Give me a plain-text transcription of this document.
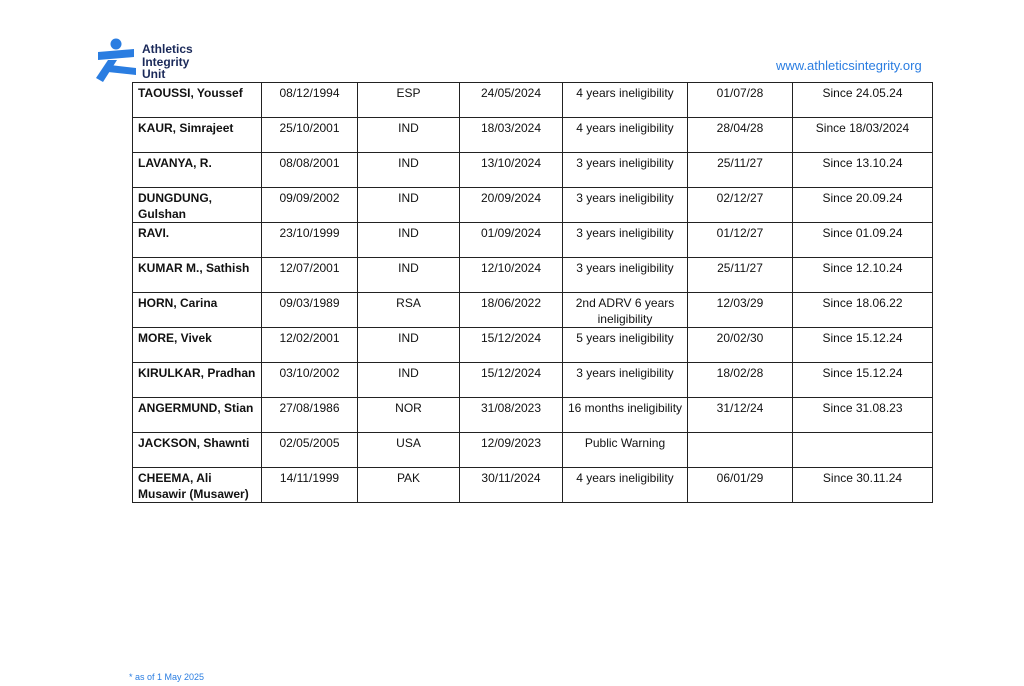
Athletics
Integrity
Unit
www.athleticsintegrity.org
TAOUSSI, Youssef	08/12/1994	ESP	24/05/2024	4 years ineligibility	01/07/28	Since 24.05.24
KAUR, Simrajeet	25/10/2001	IND	18/03/2024	4 years ineligibility	28/04/28	Since 18/03/2024
LAVANYA, R.	08/08/2001	IND	13/10/2024	3 years ineligibility	25/11/27	Since 13.10.24
DUNGDUNG, Gulshan	09/09/2002	IND	20/09/2024	3 years ineligibility	02/12/27	Since 20.09.24
RAVI.	23/10/1999	IND	01/09/2024	3 years ineligibility	01/12/27	Since 01.09.24
KUMAR M., Sathish	12/07/2001	IND	12/10/2024	3 years ineligibility	25/11/27	Since 12.10.24
HORN, Carina	09/03/1989	RSA	18/06/2022	2nd ADRV 6 years ineligibility	12/03/29	Since 18.06.22
MORE, Vivek	12/02/2001	IND	15/12/2024	5 years ineligibility	20/02/30	Since 15.12.24
KIRULKAR, Pradhan	03/10/2002	IND	15/12/2024	3 years ineligibility	18/02/28	Since 15.12.24
ANGERMUND, Stian	27/08/1986	NOR	31/08/2023	16 months ineligibility	31/12/24	Since 31.08.23
JACKSON, Shawnti	02/05/2005	USA	12/09/2023	Public Warning		
CHEEMA, Ali Musawir (Musawer)	14/11/1999	PAK	30/11/2024	4 years ineligibility	06/01/29	Since 30.11.24
* as of 1 May 2025
